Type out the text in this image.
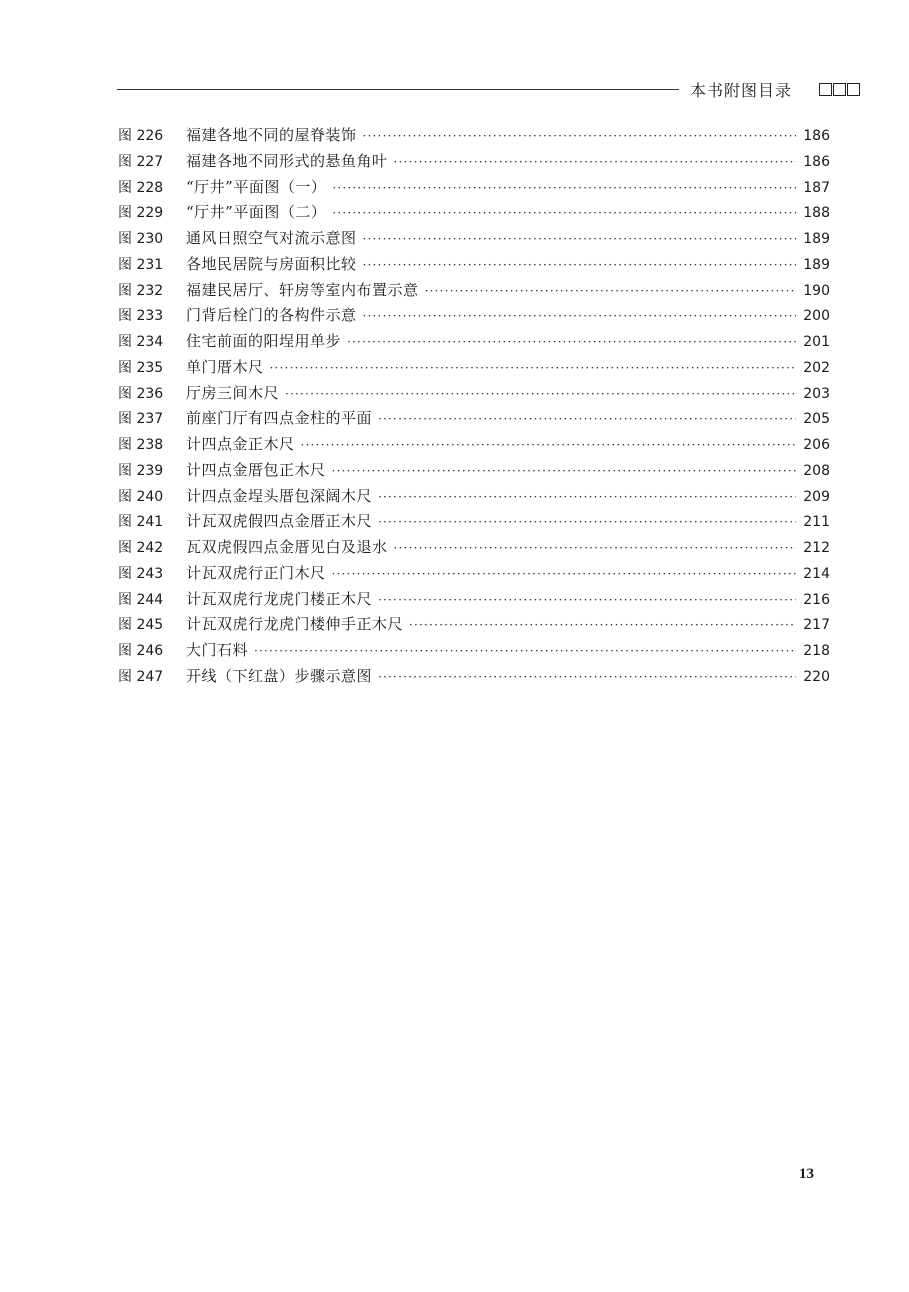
本书附图目录
图 226	福建各地不同的屋脊装饰 ·····	186
图 227	福建各地不同形式的悬鱼角叶 ·····	186
图 228	“厅井”平面图（一） ·····	187
图 229	“厅井”平面图（二） ·····	188
图 230	通风日照空气对流示意图 ·····	189
图 231	各地民居院与房面积比较 ·····	189
图 232	福建民居厅、轩房等室内布置示意 ·····	190
图 233	门背后栓门的各构件示意 ·····	200
图 234	住宅前面的阳埕用单步 ·····	201
图 235	单门厝木尺 ·····	202
图 236	厅房三间木尺 ·····	203
图 237	前座门厅有四点金柱的平面 ·····	205
图 238	计四点金正木尺 ·····	206
图 239	计四点金厝包正木尺 ·····	208
图 240	计四点金埕头厝包深阔木尺 ·····	209
图 241	计瓦双虎假四点金厝正木尺 ·····	211
图 242	瓦双虎假四点金厝见白及退水 ·····	212
图 243	计瓦双虎行正门木尺 ·····	214
图 244	计瓦双虎行龙虎门楼正木尺 ·····	216
图 245	计瓦双虎行龙虎门楼伸手正木尺 ·····	217
图 246	大门石料 ·····	218
图 247	开线（下红盘）步骤示意图 ·····	220
13
